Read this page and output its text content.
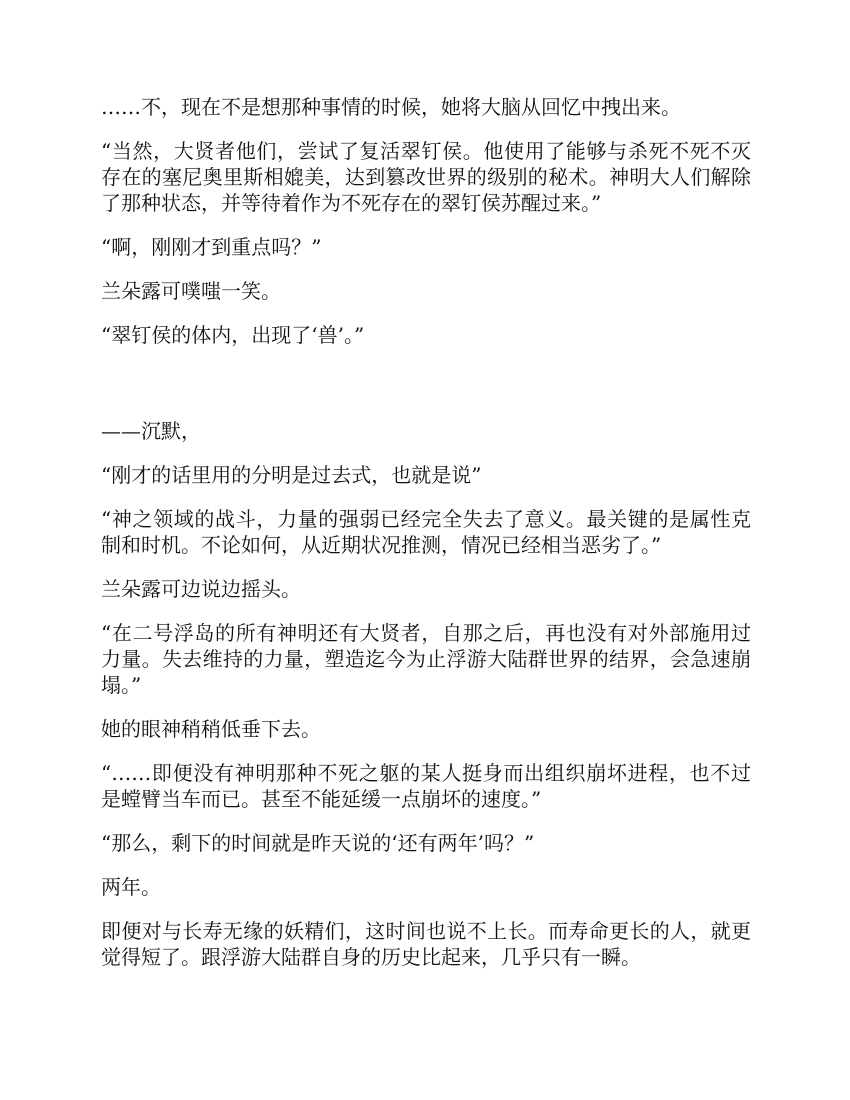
……不，现在不是想那种事情的时候，她将大脑从回忆中拽出来。

“当然，大贤者他们，尝试了复活翠钉侯。他使用了能够与杀死不死不灭存在的塞尼奥里斯相媲美，达到篡改世界的级别的秘术。神明大人们解除了那种状态，并等待着作为不死存在的翠钉侯苏醒过来。”

“啊，刚刚才到重点吗？”

兰朵露可噗嗤一笑。

“翠钉侯的体内，出现了‘兽’。”

——沉默，

“刚才的话里用的分明是过去式，也就是说”

“神之领域的战斗，力量的强弱已经完全失去了意义。最关键的是属性克制和时机。不论如何，从近期状况推测，情况已经相当恶劣了。”

兰朵露可边说边摇头。

“在二号浮岛的所有神明还有大贤者，自那之后，再也没有对外部施用过力量。失去维持的力量，塑造迄今为止浮游大陆群世界的结界，会急速崩塌。”

她的眼神稍稍低垂下去。

“……即便没有神明那种不死之躯的某人挺身而出组织崩坏进程，也不过是螳臂当车而已。甚至不能延缓一点崩坏的速度。”

“那么，剩下的时间就是昨天说的‘还有两年’吗？”

两年。

即便对与长寿无缘的妖精们，这时间也说不上长。而寿命更长的人，就更觉得短了。跟浮游大陆群自身的历史比起来，几乎只有一瞬。
